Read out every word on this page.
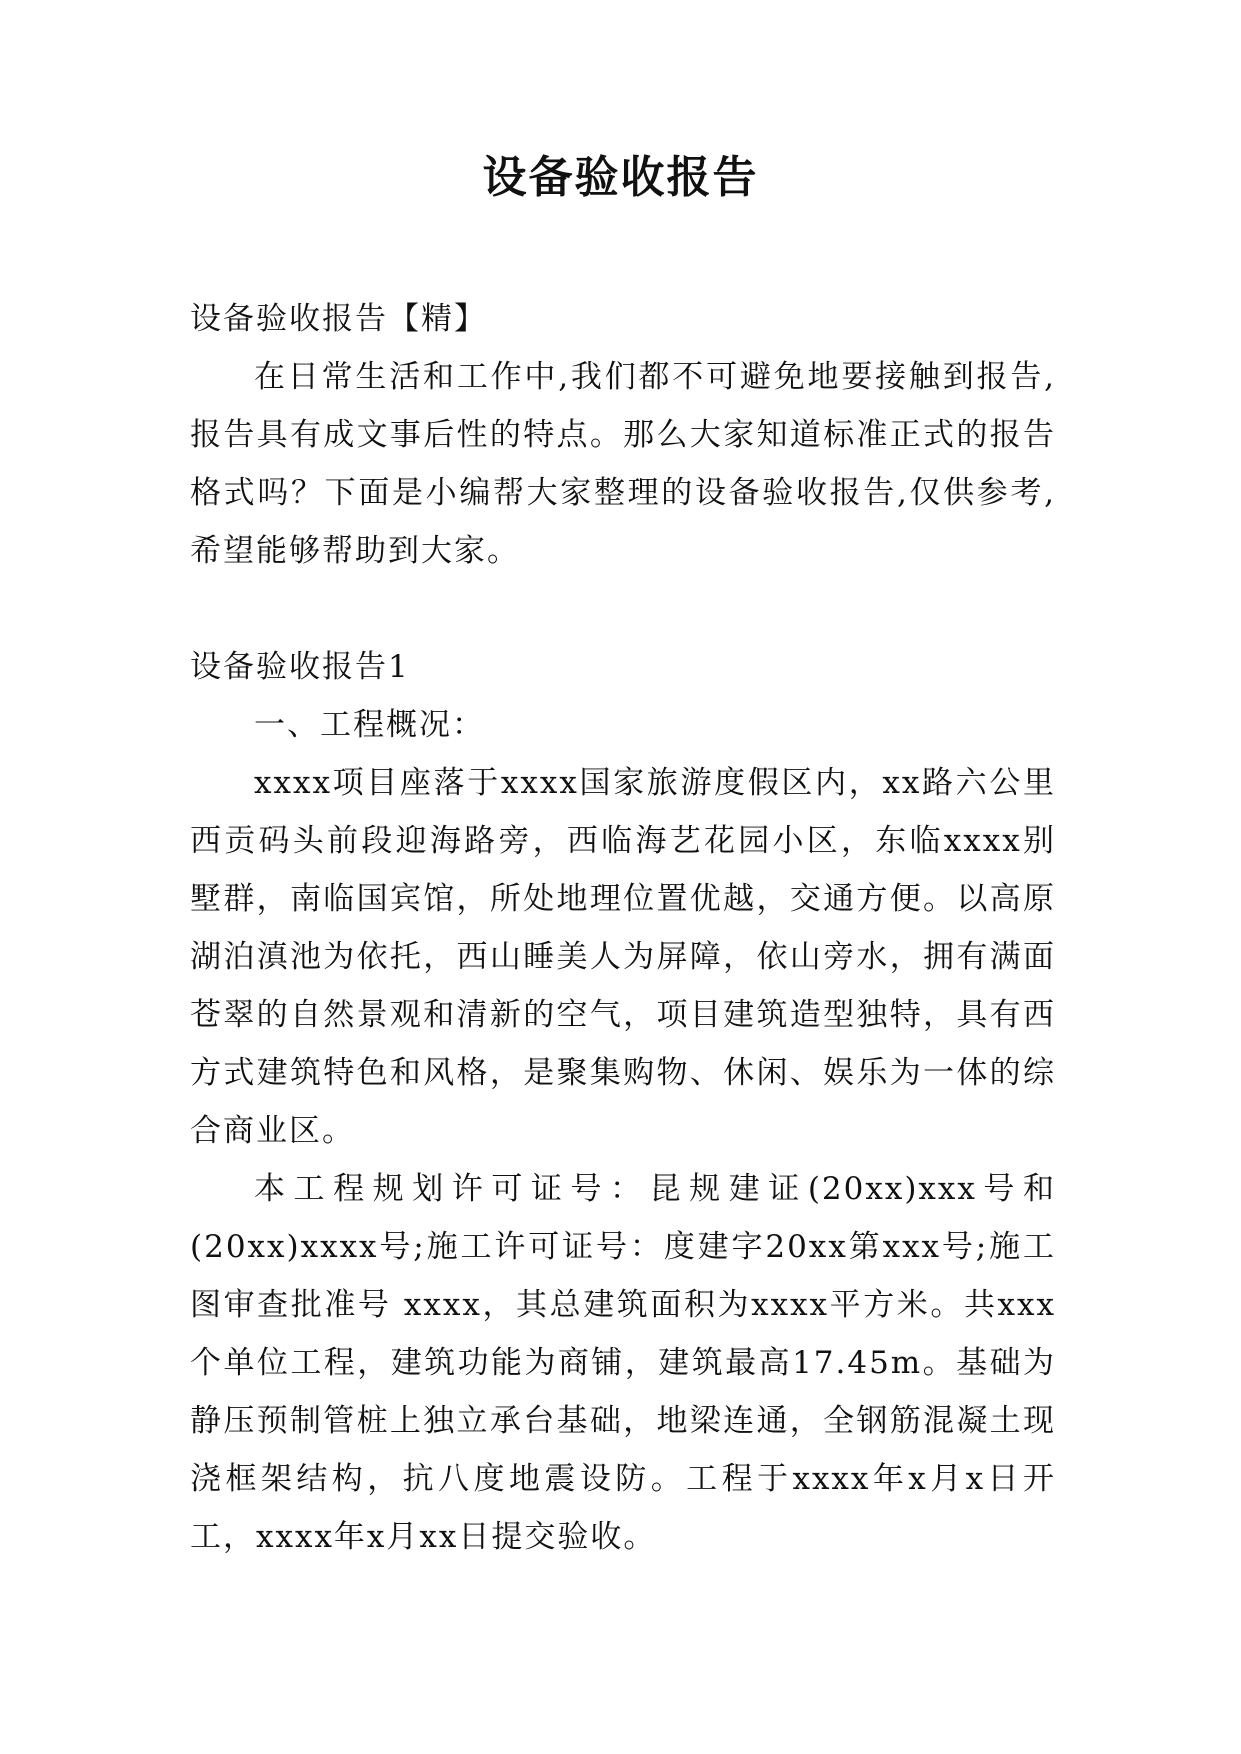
设备验收报告

设备验收报告【精】

在日常生活和工作中,我们都不可避免地要接触到报告,报告具有成文事后性的特点。那么大家知道标准正式的报告格式吗？下面是小编帮大家整理的设备验收报告,仅供参考,希望能够帮助到大家。

设备验收报告1

一、工程概况：

xxxx项目座落于xxxx国家旅游度假区内，xx路六公里西贡码头前段迎海路旁，西临海艺花园小区，东临xxxx别墅群，南临国宾馆，所处地理位置优越，交通方便。以高原湖泊滇池为依托，西山睡美人为屏障，依山旁水，拥有满面苍翠的自然景观和清新的空气，项目建筑造型独特，具有西方式建筑特色和风格，是聚集购物、休闲、娱乐为一体的综合商业区。

本工程规划许可证号：昆规建证(20xx)xxx号和(20xx)xxxx号;施工许可证号：度建字20xx第xxx号;施工图审查批准号 xxxx，其总建筑面积为xxxx平方米。共xxx个单位工程，建筑功能为商铺，建筑最高17.45m。基础为静压预制管桩上独立承台基础，地梁连通，全钢筋混凝土现浇框架结构，抗八度地震设防。工程于xxxx年x月x日开工，xxxx年x月xx日提交验收。
